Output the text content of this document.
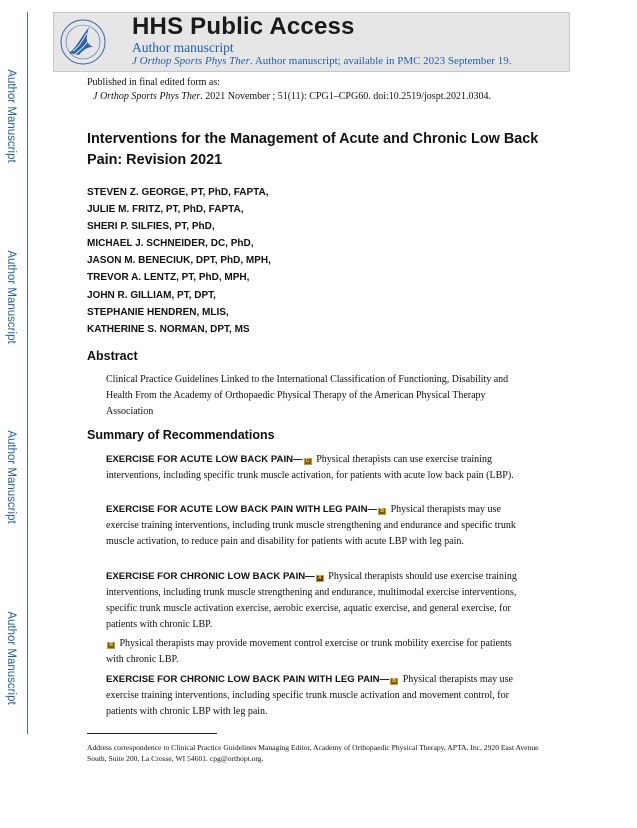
Author Manuscript
Author Manuscript
Author Manuscript
Author Manuscript
HHS Public Access
Author manuscript
J Orthop Sports Phys Ther. Author manuscript; available in PMC 2023 September 19.
Published in final edited form as:
J Orthop Sports Phys Ther. 2021 November ; 51(11): CPG1–CPG60. doi:10.2519/jospt.2021.0304.
Interventions for the Management of Acute and Chronic Low Back Pain: Revision 2021
STEVEN Z. GEORGE, PT, PhD, FAPTA,
JULIE M. FRITZ, PT, PhD, FAPTA,
SHERI P. SILFIES, PT, PhD,
MICHAEL J. SCHNEIDER, DC, PhD,
JASON M. BENECIUK, DPT, PhD, MPH,
TREVOR A. LENTZ, PT, PhD, MPH,
JOHN R. GILLIAM, PT, DPT,
STEPHANIE HENDREN, MLIS,
KATHERINE S. NORMAN, DPT, MS
Abstract
Clinical Practice Guidelines Linked to the International Classification of Functioning, Disability and Health From the Academy of Orthopaedic Physical Therapy of the American Physical Therapy Association
Summary of Recommendations

EXERCISE FOR ACUTE LOW BACK PAIN— C Physical therapists can use exercise training interventions, including specific trunk muscle activation, for patients with acute low back pain (LBP).

EXERCISE FOR ACUTE LOW BACK PAIN WITH LEG PAIN— B Physical therapists may use exercise training interventions, including trunk muscle strengthening and endurance and specific trunk muscle activation, to reduce pain and disability for patients with acute LBP with leg pain.

EXERCISE FOR CHRONIC LOW BACK PAIN— A Physical therapists should use exercise training interventions, including trunk muscle strengthening and endurance, multimodal exercise interventions, specific trunk muscle activation exercise, aerobic exercise, aquatic exercise, and general exercise, for patients with chronic LBP.

B Physical therapists may provide movement control exercise or trunk mobility exercise for patients with chronic LBP.

EXERCISE FOR CHRONIC LOW BACK PAIN WITH LEG PAIN— B Physical therapists may use exercise training interventions, including specific trunk muscle activation and movement control, for patients with chronic LBP with leg pain.

Address correspondence to Clinical Practice Guidelines Managing Editor, Academy of Orthopaedic Physical Therapy, APTA, Inc, 2920 East Avenue South, Suite 200, La Crosse, WI 54601. cpg@orthopt.org.
